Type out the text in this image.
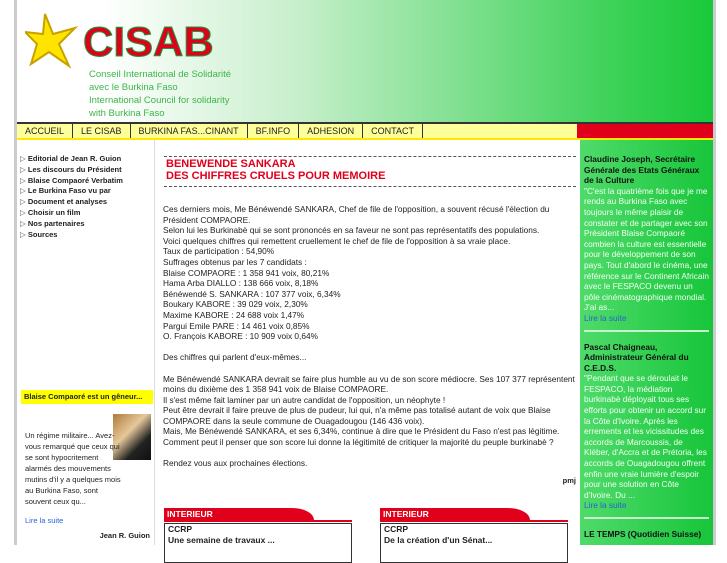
CISAB
Conseil International de Solidarité
avec le Burkina Faso
International Council for solidarity
with Burkina Faso
ACCUEIL	LE CISAB	BURKINA FAS...CINANT	BF.INFO	ADHESION	CONTACT
▷ Editorial de Jean R. Guion
▷ Les discours du Président
▷ Blaise Compaoré Verbatim
▷ Le Burkina Faso vu par
▷ Document et analyses
▷ Choisir un film
▷ Nos partenaires
▷ Sources
Blaise Compaoré est un gêneur...
Un régime militaire... Avez-vous remarqué que ceux qui se sont hypocritement alarmés des mouvements mutins d'il y a quelques mois au Burkina Faso, sont souvent ceux qu...
Lire la suite
Jean R. Guion
BENEWENDE SANKARA
DES CHIFFRES CRUELS POUR MEMOIRE
Ces derniers mois, Me Bénéwendé SANKARA, Chef de file de l'opposition, a souvent récusé l'élection du Président COMPAORE.
Selon lui les Burkinabè qui se sont prononcés en sa faveur ne sont pas représentatifs des populations.
Voici quelques chiffres qui remettent cruellement le chef de file de l'opposition à sa vraie place.
Taux de participation : 54,90%
Suffrages obtenus par les 7 candidats :
Blaise COMPAORE : 1 358 941 voix, 80,21%
Hama Arba DIALLO : 138 666 voix, 8,18%
Bénéwendé S. SANKARA : 107 377 voix, 6,34%
Boukary KABORE : 39 029 voix, 2,30%
Maxime KABORE : 24 688 voix 1,47%
Pargui Emile PARE : 14 461 voix 0,85%
O. François KABORE : 10 909 voix 0,64%
Des chiffres qui parlent d'eux-mêmes...
Me Bénéwendé SANKARA devrait se faire plus humble au vu de son score médiocre. Ses 107 377 représentent moins du dixième des 1 358 941 voix de Blaise COMPAORE.
Il s'est même fait laminer par un autre candidat de l'opposition, un néophyte !
Peut être devrait il faire preuve de plus de pudeur, lui qui, n'a même pas totalisé autant de voix que Blaise COMPAORE dans la seule commune de Ouagadougou (146 436 voix).
Mais, Me Bénéwendé SANKARA, et ses 6,34%, continue à dire que le Président du Faso n'est pas légitime.
Comment peut il penser que son score lui donne la légitimité de critiquer la majorité du peuple burkinabè ?
Rendez vous aux prochaines élections.
pmj
INTERIEUR
CCRP
Une semaine de travaux ...
INTERIEUR
CCRP
De la création d'un Sénat...
Claudine Joseph, Secrétaire Générale des Etats Généraux de la Culture
"C'est la quatrième fois que je me rends au Burkina Faso avec toujours le même plaisir de constater et de partager avec son Président Blaise Compaoré combien la culture est essentielle pour le développement de son pays. Tout d'abord le cinéma, une référence sur le Continent Africain avec le FESPACO devenu un pôle cinématographique mondial. J'ai as...
Lire la suite
Pascal Chaigneau, Administrateur Général du C.E.D.S.
"Pendant que se déroulait le FESPACO, la médiation burkinabè déployait tous ses efforts pour obtenir un accord sur la Côte d'Ivoire. Après les errements et les vicissitudes des accords de Marcoussis, de Kléber, d'Accra et de Prétoria, les accords de Ouagadougou offrent enfin une vraie lumière d'espoir pour une solution en Côte d'Ivoire. Du ...
Lire la suite
LE TEMPS (Quotidien Suisse)
